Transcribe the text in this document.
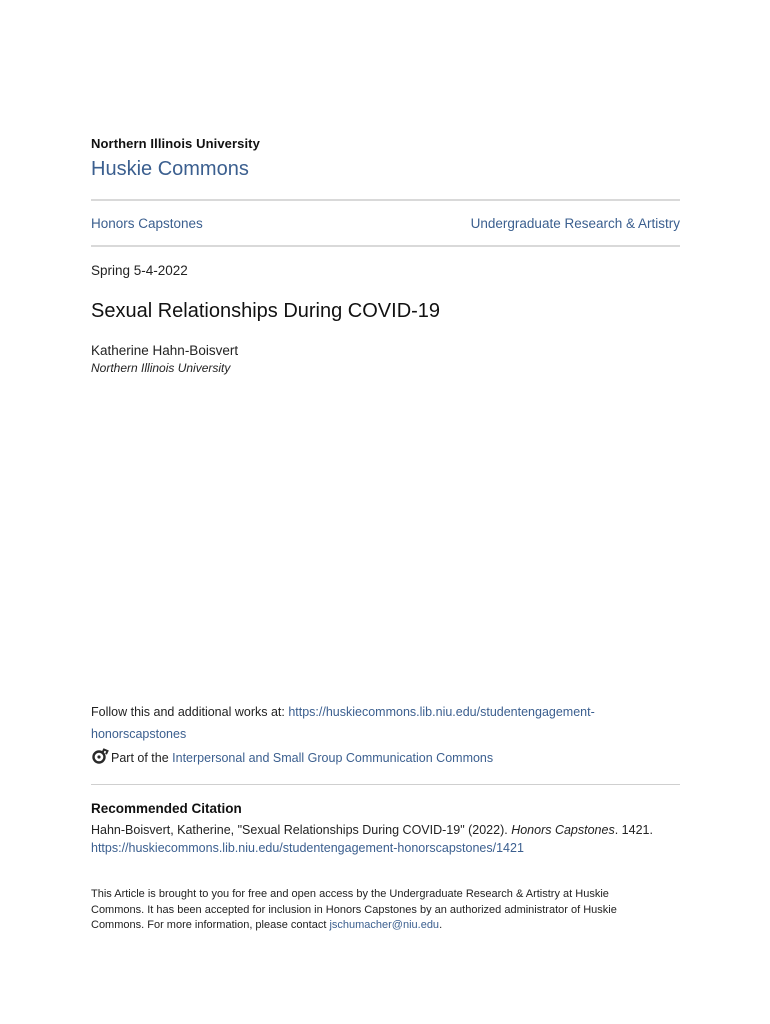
Northern Illinois University
Huskie Commons
Honors Capstones	Undergraduate Research & Artistry
Spring 5-4-2022
Sexual Relationships During COVID-19
Katherine Hahn-Boisvert
Northern Illinois University
Follow this and additional works at: https://huskiecommons.lib.niu.edu/studentengagement-honorscapstones
Part of the Interpersonal and Small Group Communication Commons
Recommended Citation
Hahn-Boisvert, Katherine, "Sexual Relationships During COVID-19" (2022). Honors Capstones. 1421.
https://huskiecommons.lib.niu.edu/studentengagement-honorscapstones/1421
This Article is brought to you for free and open access by the Undergraduate Research & Artistry at Huskie Commons. It has been accepted for inclusion in Honors Capstones by an authorized administrator of Huskie Commons. For more information, please contact jschumacher@niu.edu.
